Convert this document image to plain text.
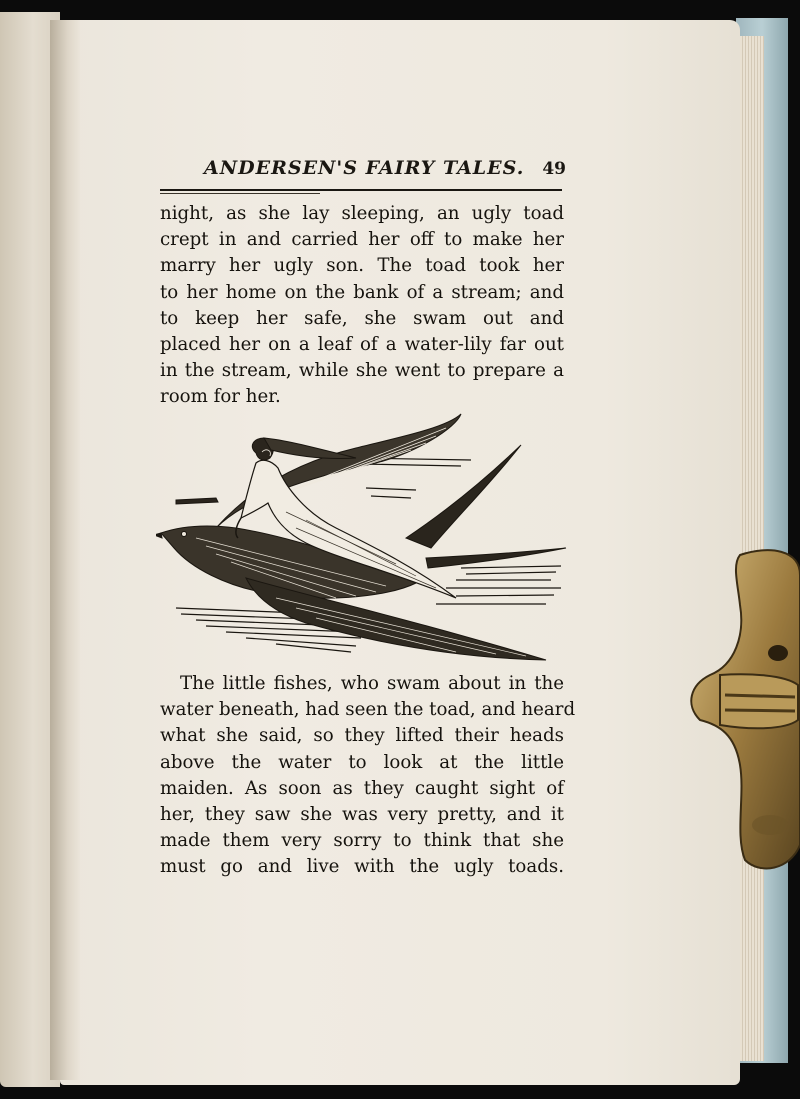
ANDERSEN'S FAIRY TALES. 49
night, as she lay sleeping, an ugly toad
crept in and carried her off to make her
marry her ugly son. The toad took her
to her home on the bank of a stream; and
to keep her safe, she swam out and
placed her on a leaf of a water-lily far out
in the stream, while she went to prepare a
room for her.
The little fishes, who swam about in the
water beneath, had seen the toad, and heard
what she said, so they lifted their heads
above the water to look at the little
maiden. As soon as they caught sight of
her, they saw she was very pretty, and it
made them very sorry to think that she
must go and live with the ugly toads.
